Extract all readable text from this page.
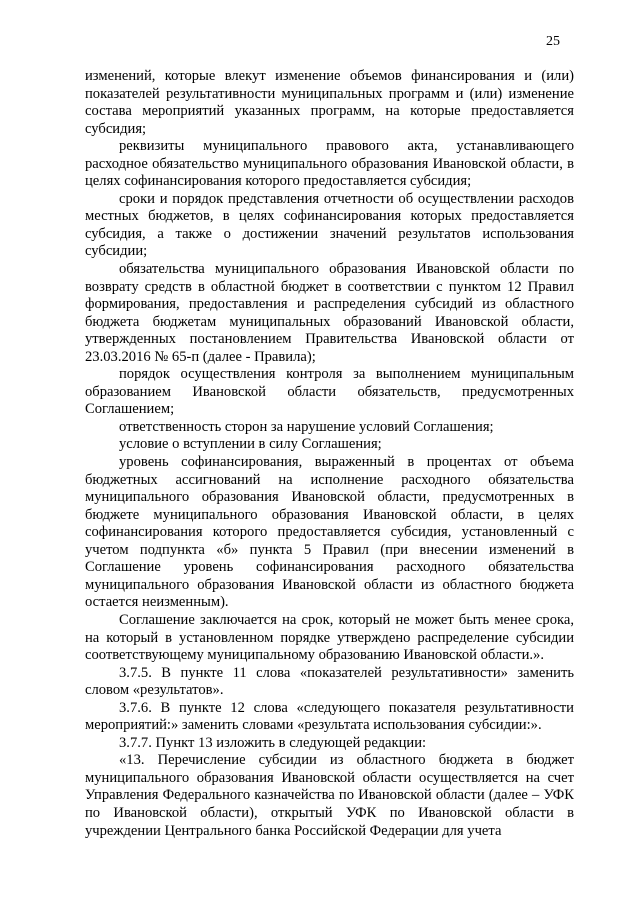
25

изменений, которые влекут изменение объемов финансирования и (или) показателей результативности муниципальных программ и (или) изменение состава мероприятий указанных программ, на которые предоставляется субсидия;

реквизиты муниципального правового акта, устанавливающего расходное обязательство муниципального образования Ивановской области, в целях софинансирования которого предоставляется субсидия;

сроки и порядок представления отчетности об осуществлении расходов местных бюджетов, в целях софинансирования которых предоставляется субсидия, а также о достижении значений результатов использования субсидии;

обязательства муниципального образования Ивановской области по возврату средств в областной бюджет в соответствии с пунктом 12 Правил формирования, предоставления и распределения субсидий из областного бюджета бюджетам муниципальных образований Ивановской области, утвержденных постановлением Правительства Ивановской области от 23.03.2016 № 65-п (далее - Правила);

порядок осуществления контроля за выполнением муниципальным образованием Ивановской области обязательств, предусмотренных Соглашением;

ответственность сторон за нарушение условий Соглашения;

условие о вступлении в силу Соглашения;

уровень софинансирования, выраженный в процентах от объема бюджетных ассигнований на исполнение расходного обязательства муниципального образования Ивановской области, предусмотренных в бюджете муниципального образования Ивановской области, в целях софинансирования которого предоставляется субсидия, установленный с учетом подпункта «б» пункта 5 Правил (при внесении изменений в Соглашение уровень софинансирования расходного обязательства муниципального образования Ивановской области из областного бюджета остается неизменным).

Соглашение заключается на срок, который не может быть менее срока, на который в установленном порядке утверждено распределение субсидии соответствующему муниципальному образованию Ивановской области.».

3.7.5. В пункте 11 слова «показателей результативности» заменить словом «результатов».

3.7.6. В пункте 12 слова «следующего показателя результативности мероприятий:» заменить словами «результата использования субсидии:».

3.7.7. Пункт 13 изложить в следующей редакции:

«13. Перечисление субсидии из областного бюджета в бюджет муниципального образования Ивановской области осуществляется на счет Управления Федерального казначейства по Ивановской области (далее – УФК по Ивановской области), открытый УФК по Ивановской области в учреждении Центрального банка Российской Федерации для учета
